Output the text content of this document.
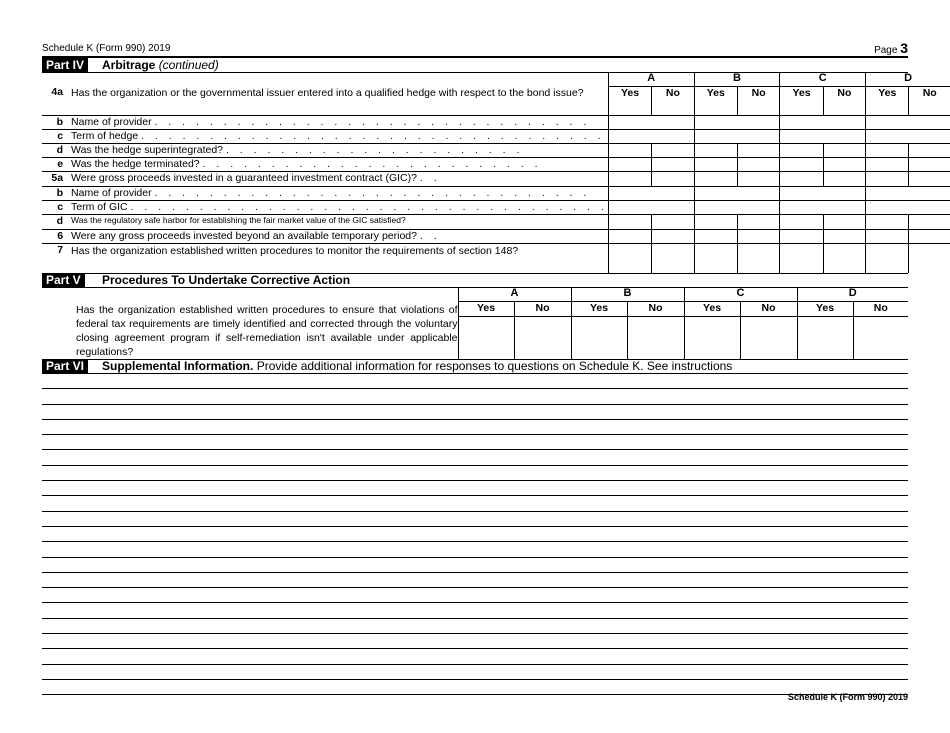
Schedule K (Form 990) 2019	Page 3
Part IV	Arbitrage (continued)
		A		B		C		D	
4a	Has the organization or the governmental issuer entered into a qualified hedge with respect to the bond issue?	Yes	No	Yes	No	Yes	No	Yes	No
b	Name of provider . . . . . . . . . . . . . . . . . . . . . . . . . . . . . . . .								
c	Term of hedge . . . . . . . . . . . . . . . . . . . . . . . . . . . . . . . . . .								
d	Was the hedge superintegrated? . . . . . . . . . . . . . . . . . . . . . .								
e	Was the hedge terminated? . . . . . . . . . . . . . . . . . . . . . . . . .								
5a	Were gross proceeds invested in a guaranteed investment contract (GIC)? . .								
b	Name of provider . . . . . . . . . . . . . . . . . . . . . . . . . . . . . . . .								
c	Term of GIC . . . . . . . . . . . . . . . . . . . . . . . . . . . . . . . . . . .								
d	Was the regulatory safe harbor for establishing the fair market value of the GIC satisfied?								
6	Were any gross proceeds invested beyond an available temporary period? . .								
7	Has the organization established written procedures to monitor the requirements of section 148?								

Part V	Procedures To Undertake Corrective Action
		A		B		C		D	

	Has the organization established written procedures to ensure that violations of federal tax requirements are timely identified and corrected through the voluntary closing agreement program if self-remediation isn't available under applicable regulations?	Yes	No	Yes	No	Yes	No	Yes	No

Part VI	Supplemental Information. Provide additional information for responses to questions on Schedule K. See instructions
Schedule K (Form 990) 2019
